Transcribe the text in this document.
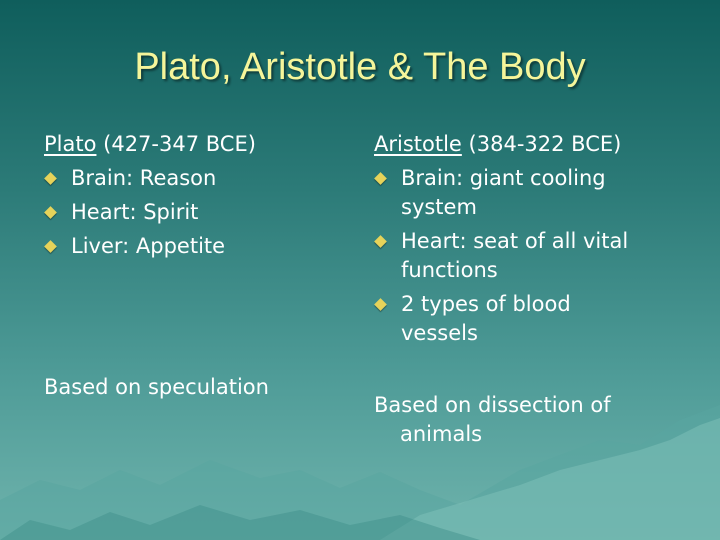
Plato, Aristotle & The Body

Plato (427-347 BCE)

Brain: Reason
Heart: Spirit
Liver: Appetite
Based on speculation

Aristotle (384-322 BCE)

Brain: giant cooling
system
Heart: seat of all vital
functions
2 types of blood
vessels
Based on dissection of
animals
